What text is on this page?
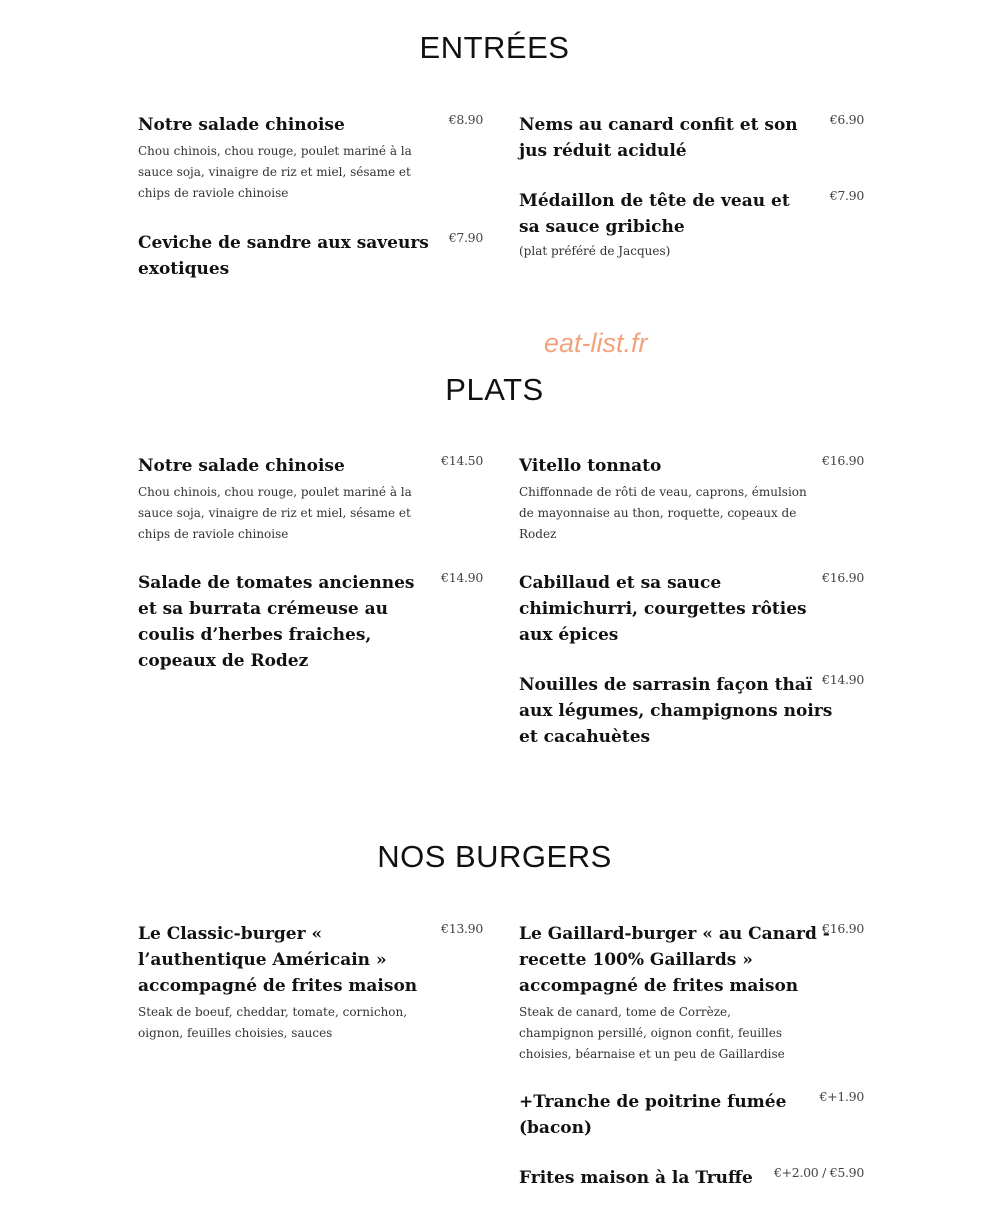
ENTRÉES
Notre salade chinoise	€8.90
Chou chinois, chou rouge, poulet mariné à la sauce soja, vinaigre de riz et miel, sésame et chips de raviole chinoise
Ceviche de sandre aux saveurs exotiques
€7.90
Nems au canard confit et son jus réduit acidulé
€6.90
Médaillon de tête de veau et sa sauce gribiche
€7.90
(plat préféré de Jacques)
eat-list.fr
PLATS
Notre salade chinoise	€14.50
Chou chinois, chou rouge, poulet mariné à la sauce soja, vinaigre de riz et miel, sésame et chips de raviole chinoise
Salade de tomates anciennes et sa burrata crémeuse au coulis d’herbes fraiches, copeaux de Rodez
€14.90
Vitello tonnato	€16.90
Chiffonnade de rôti de veau, caprons, émulsion de mayonnaise au thon, roquette, copeaux de Rodez
Cabillaud et sa sauce chimichurri, courgettes rôties aux épices
€16.90
Nouilles de sarrasin façon thaï aux légumes, champignons noirs et cacahuètes
€14.90
NOS BURGERS
Le Classic-burger « l’authentique Américain » accompagné de frites maison
€13.90
Steak de boeuf, cheddar, tomate, cornichon, oignon, feuilles choisies, sauces
Le Gaillard-burger « au Canard - recette 100% Gaillards » accompagné de frites maison
€16.90
Steak de canard, tome de Corrèze, champignon persillé, oignon confit, feuilles choisies, béarnaise et un peu de Gaillardise
+Tranche de poitrine fumée (bacon)
€+1.90
Frites maison à la Truffe	€+2.00 / €5.90
